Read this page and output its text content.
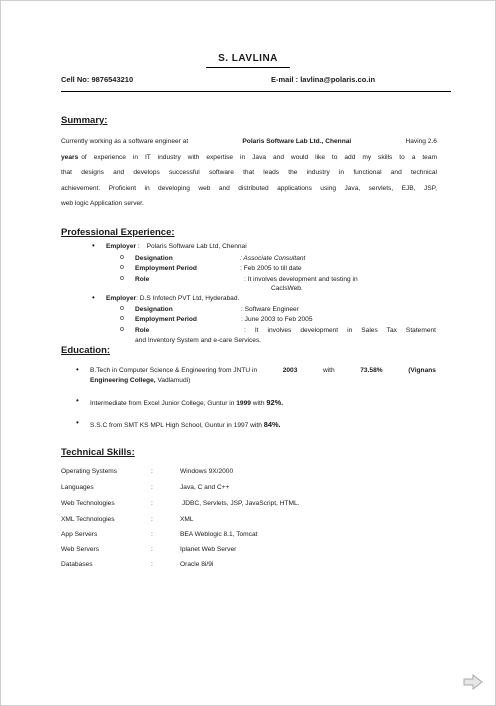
S. LAVLINA
Cell No: 9876543210	E-mail : lavlina@polaris.co.in
Summary:
Currently working as a software engineer at	Polaris Software Lab Ltd., Chennai	Having 2.6
years of experience in IT industry with expertise in Java and would like to add my skills to a team
that designs and develops successful software that leads the industry in functional and technical
achievement. Proficient in developing web and distributed applications using Java, servlets, EJB, JSP,
web logic Application server.
Professional Experience:
• Employer : Polaris Software Lab Ltd, Chennai
o Designation	: Associate Consultant
o Employment Period	: Feb 2005 to till date
o Role	: It involves development and testing in
CaclsWeb.
• Employer: D.S Infotech PVT Ltd, Hyderabad.
o Designation	: Software Engineer
o Employment Period	: June 2003 to Feb 2005
o Role	: It involves development in Sales Tax Statement
and Inventory System and e-care Services.
Education:
• B.Tech in Computer Science & Engineering from JNTU in	2003	with	73.58%	(Vignans
Engineering College, Vadlamudi)
• Intermediate from Excel Junior College, Guntur in 1999 with 92%.
• S.S.C from SMT KS MPL High School, Guntur in 1997 with 84%.
Technical Skills:
Operating Systems	:	Windows 9X/2000
Languages	:	Java, C and C++
Web Technologies	:	JDBC, Servlets, JSP, JavaScript, HTML.
XML Technologies	:	XML
App Servers	:	BEA Weblogic 8.1, Tomcat
Web Servers	:	Iplanet Web Server
Databases	:	Oracle 8i/9i
